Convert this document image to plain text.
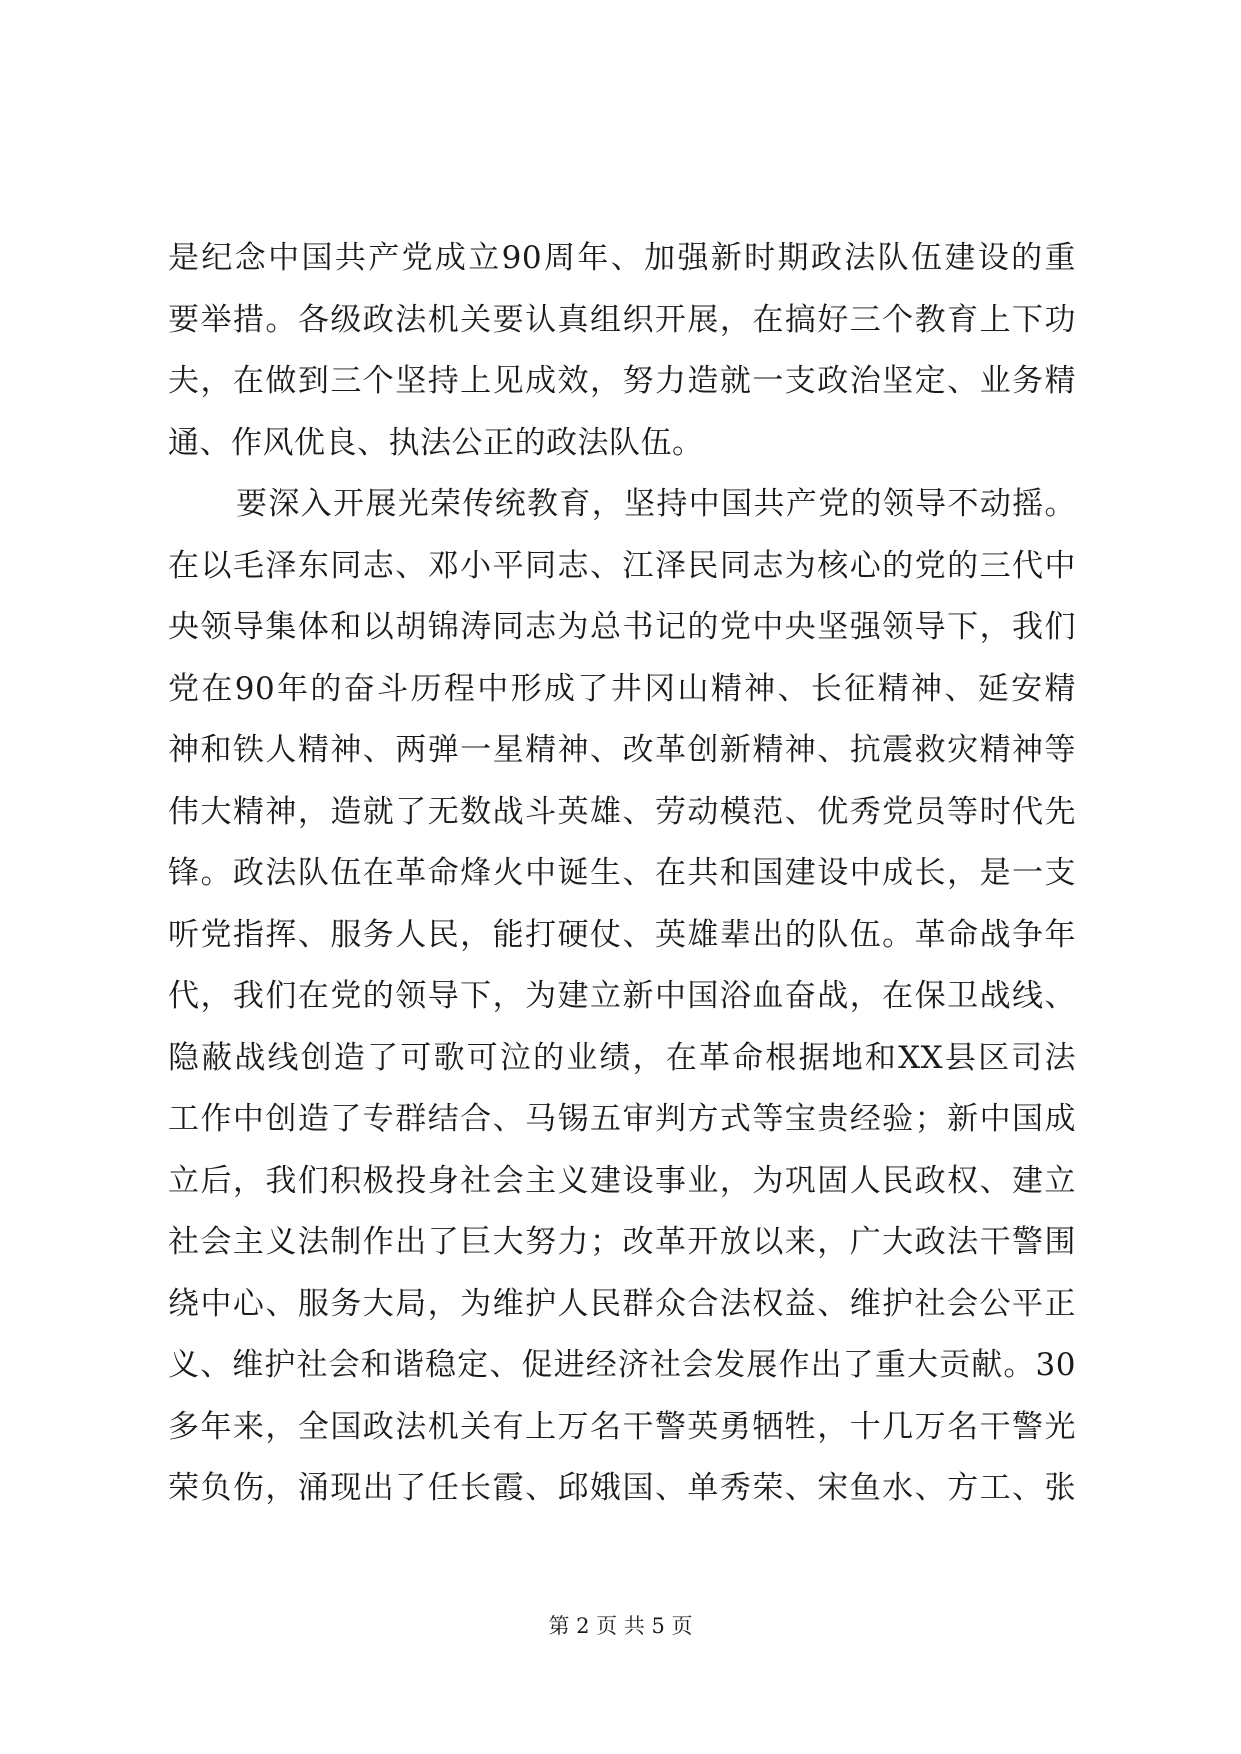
是纪念中国共产党成立90周年、加强新时期政法队伍建设的重
要举措。各级政法机关要认真组织开展，在搞好三个教育上下功
夫，在做到三个坚持上见成效，努力造就一支政治坚定、业务精
通、作风优良、执法公正的政法队伍。
要深入开展光荣传统教育，坚持中国共产党的领导不动摇。
在以毛泽东同志、邓小平同志、江泽民同志为核心的党的三代中
央领导集体和以胡锦涛同志为总书记的党中央坚强领导下，我们
党在90年的奋斗历程中形成了井冈山精神、长征精神、延安精
神和铁人精神、两弹一星精神、改革创新精神、抗震救灾精神等
伟大精神，造就了无数战斗英雄、劳动模范、优秀党员等时代先
锋。政法队伍在革命烽火中诞生、在共和国建设中成长，是一支
听党指挥、服务人民，能打硬仗、英雄辈出的队伍。革命战争年
代，我们在党的领导下，为建立新中国浴血奋战，在保卫战线、
隐蔽战线创造了可歌可泣的业绩，在革命根据地和XX县区司法
工作中创造了专群结合、马锡五审判方式等宝贵经验；新中国成
立后，我们积极投身社会主义建设事业，为巩固人民政权、建立
社会主义法制作出了巨大努力；改革开放以来，广大政法干警围
绕中心、服务大局，为维护人民群众合法权益、维护社会公平正
义、维护社会和谐稳定、促进经济社会发展作出了重大贡献。30
多年来，全国政法机关有上万名干警英勇牺牲，十几万名干警光
荣负伤，涌现出了任长霞、邱娥国、单秀荣、宋鱼水、方工、张
第 2 页 共 5 页
